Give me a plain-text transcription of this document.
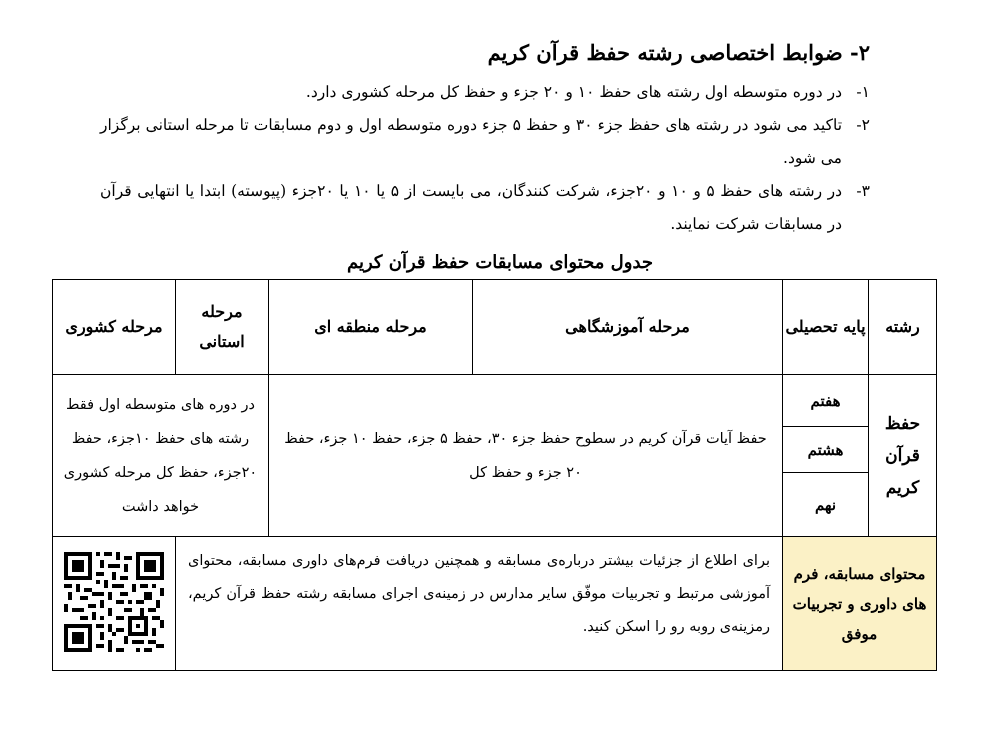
۲- ضوابط اختصاصی رشته حفظ قرآن کریم
۱-
در دوره متوسطه اول رشته های حفظ ۱۰ و ۲۰ جزء و حفظ کل مرحله کشوری دارد.
۲-
تاکید می شود در رشته های حفظ جزء ۳۰ و حفظ ۵ جزء دوره متوسطه اول و دوم مسابقات تا مرحله استانی برگزار می شود.
۳-
در رشته های حفظ ۵ و ۱۰ و ۲۰جزء، شرکت کنندگان، می بایست از ۵ یا ۱۰ یا ۲۰جزء (پیوسته) ابتدا یا انتهایی قرآن در مسابقات شرکت نمایند.
جدول محتوای مسابقات حفظ قرآن کریم
رشته	پایه تحصیلی	مرحله آموزشگاهی	مرحله منطقه ای	مرحله استانی	مرحله کشوری
حفظ قرآن کریم	هفتم	حفظ آیات قرآن کریم در سطوح حفظ جزء ۳۰، حفظ ۵ جزء، حفظ ۱۰ جزء، حفظ ۲۰ جزء و حفظ کل		در دوره های متوسطه اول فقط رشته های حفظ ۱۰جزء، حفظ ۲۰جزء، حفظ کل مرحله کشوری خواهد داشت	
	هشتم				
	نهم				
محتوای مسابقه، فرم های داوری و تجربیات موفق		برای اطلاع از جزئیات بیشتر درباره‌ی مسابقه و همچنین دریافت فرم‌های داوری مسابقه، محتوای آموزشی مرتبط و تجربیات موفّق سایر مدارس در زمینه‌ی اجرای مسابقه رشته حفظ قرآن کریم، رمزینه‌ی روبه رو را اسکن کنید.	
